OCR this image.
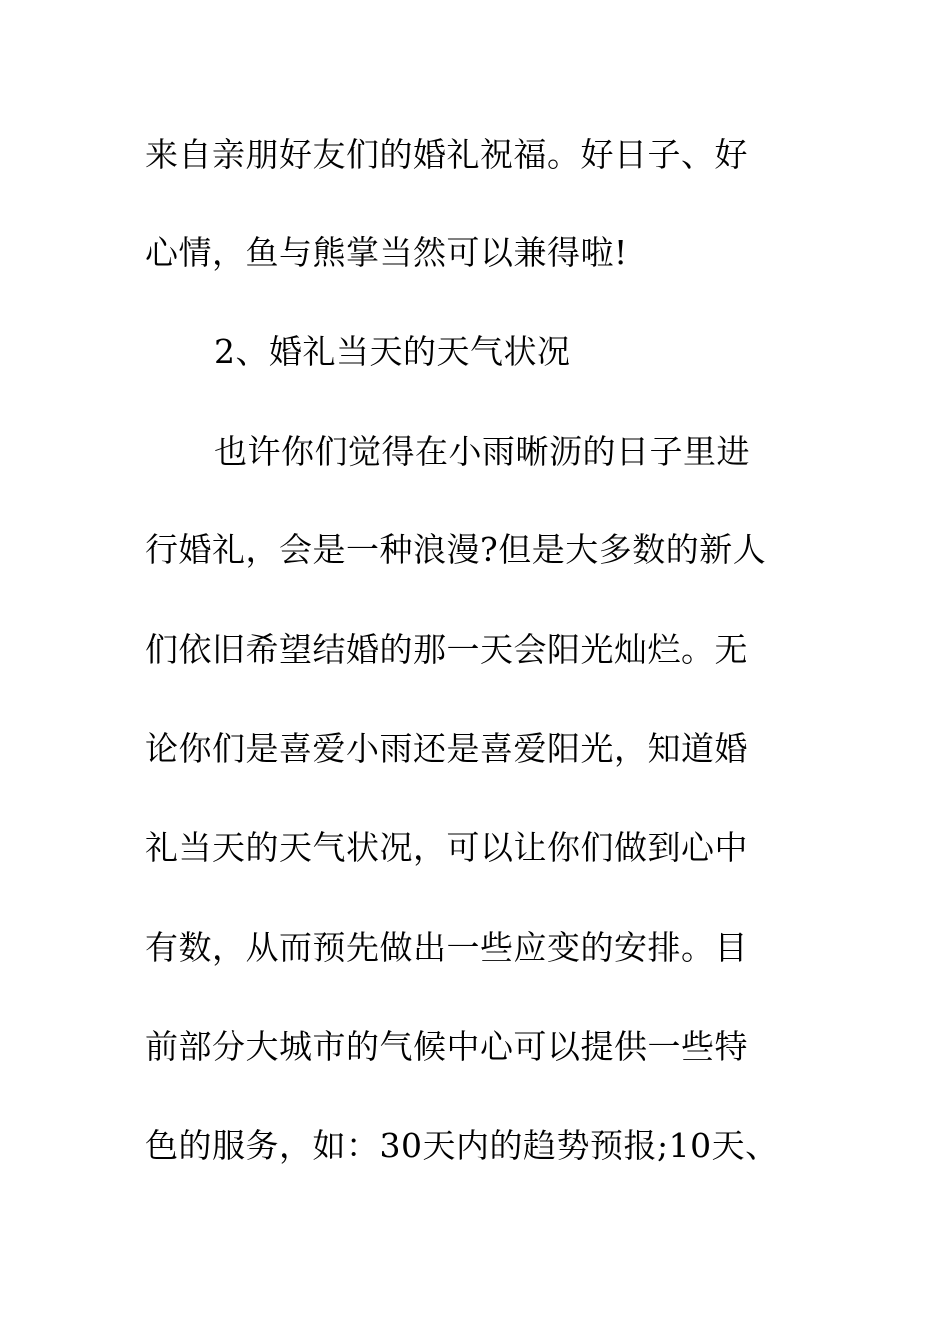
来自亲朋好友们的婚礼祝福。好日子、好
心情，鱼与熊掌当然可以兼得啦!
2、婚礼当天的天气状况
也许你们觉得在小雨晰沥的日子里进
行婚礼，会是一种浪漫?但是大多数的新人
们依旧希望结婚的那一天会阳光灿烂。无
论你们是喜爱小雨还是喜爱阳光，知道婚
礼当天的天气状况，可以让你们做到心中
有数，从而预先做出一些应变的安排。目
前部分大城市的气候中心可以提供一些特
色的服务，如：30天内的趋势预报;10天、
